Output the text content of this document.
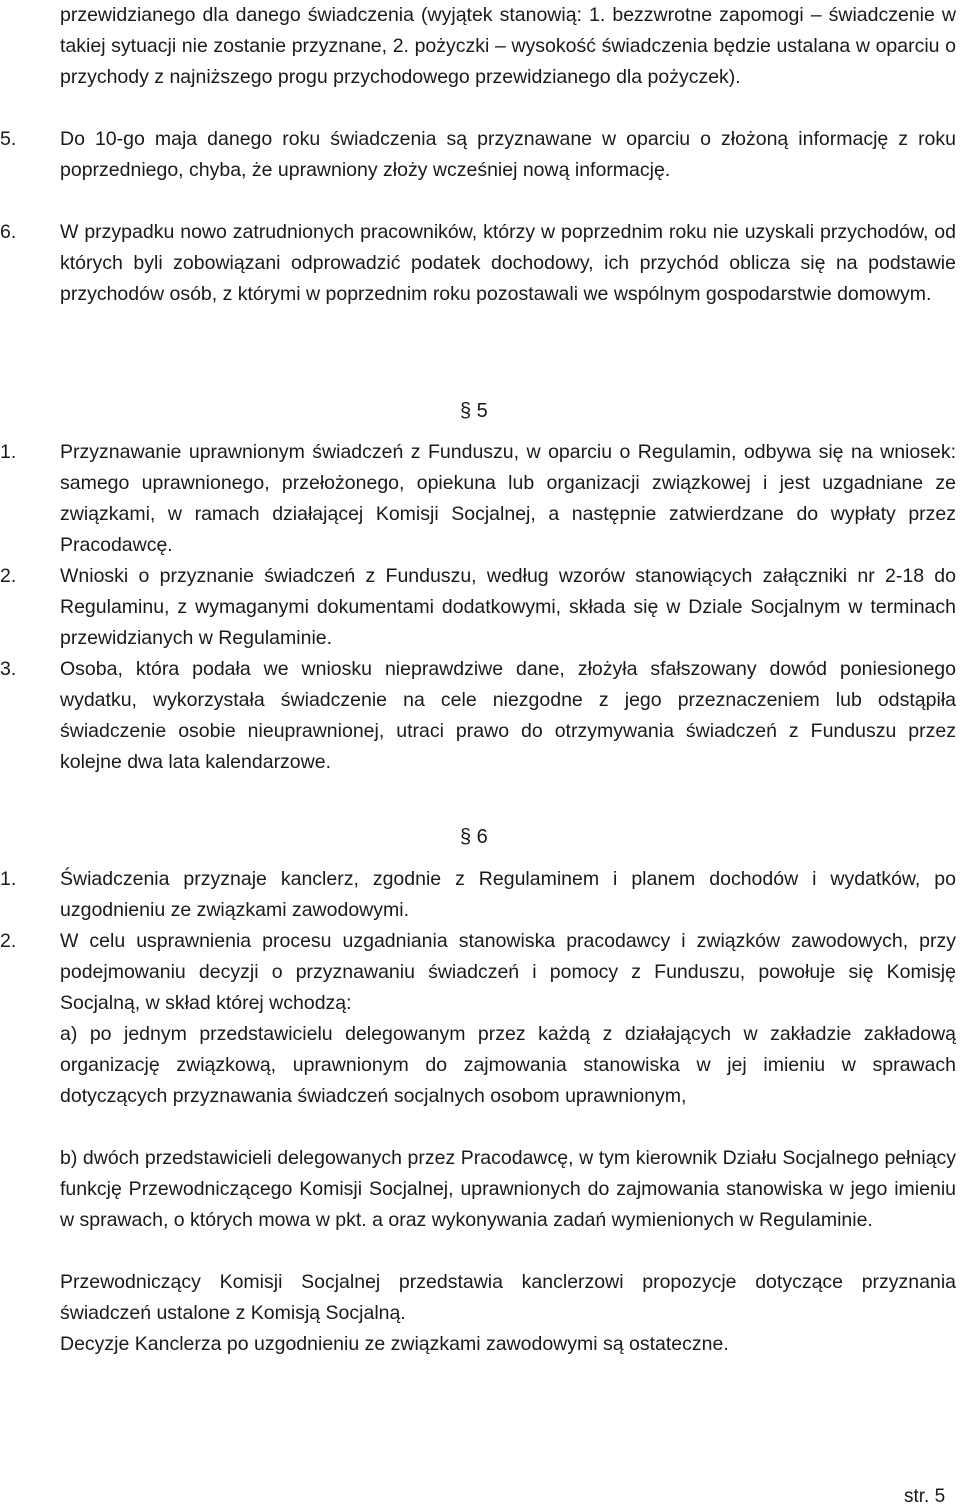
przewidzianego dla danego świadczenia (wyjątek stanowią: 1. bezzwrotne zapomogi – świadczenie w takiej sytuacji nie zostanie przyznane, 2. pożyczki – wysokość świadczenia będzie ustalana w oparciu o przychody z najniższego progu przychodowego przewidzianego dla pożyczek).

5.	Do 10-go maja danego roku świadczenia są przyznawane w oparciu o złożoną informację z roku poprzedniego, chyba, że uprawniony złoży wcześniej nową informację.

6.	W przypadku nowo zatrudnionych pracowników, którzy w poprzednim roku nie uzyskali przychodów, od których byli zobowiązani odprowadzić podatek dochodowy, ich przychód oblicza się na podstawie przychodów osób, z którymi w poprzednim roku pozostawali we wspólnym gospodarstwie domowym.

§ 5

1.	Przyznawanie uprawnionym świadczeń z Funduszu, w oparciu o Regulamin, odbywa się na wniosek: samego uprawnionego, przełożonego, opiekuna lub organizacji związkowej i jest uzgadniane ze związkami, w ramach działającej Komisji Socjalnej, a następnie zatwierdzane do wypłaty przez Pracodawcę.

2.	Wnioski o przyznanie świadczeń z Funduszu, według wzorów stanowiących załączniki nr 2-18 do Regulaminu, z wymaganymi dokumentami dodatkowymi, składa się w Dziale Socjalnym w terminach przewidzianych w Regulaminie.

3.	Osoba, która podała we wniosku nieprawdziwe dane, złożyła sfałszowany dowód poniesionego wydatku, wykorzystała świadczenie na cele niezgodne z jego przeznaczeniem lub odstąpiła świadczenie osobie nieuprawnionej, utraci prawo do otrzymywania świadczeń z Funduszu przez kolejne dwa lata kalendarzowe.

§ 6

1.	Świadczenia przyznaje kanclerz, zgodnie z Regulaminem i planem dochodów i wydatków, po uzgodnieniu ze związkami zawodowymi.

2.	W celu usprawnienia procesu uzgadniania stanowiska pracodawcy i związków zawodowych, przy podejmowaniu decyzji o przyznawaniu świadczeń i pomocy z Funduszu, powołuje się Komisję Socjalną, w skład której wchodzą:

a) po jednym przedstawicielu delegowanym przez każdą z działających w zakładzie zakładową organizację związkową, uprawnionym do zajmowania stanowiska w jej imieniu w sprawach dotyczących przyznawania świadczeń socjalnych osobom uprawnionym,

b) dwóch przedstawicieli delegowanych przez Pracodawcę, w tym kierownik Działu Socjalnego pełniący funkcję Przewodniczącego Komisji Socjalnej, uprawnionych do zajmowania stanowiska w jego imieniu w sprawach, o których mowa w pkt. a oraz wykonywania zadań wymienionych w Regulaminie.

Przewodniczący Komisji Socjalnej przedstawia kanclerzowi propozycje dotyczące przyznania świadczeń ustalone z Komisją Socjalną.

Decyzje Kanclerza po uzgodnieniu ze związkami zawodowymi są ostateczne.

str. 5
